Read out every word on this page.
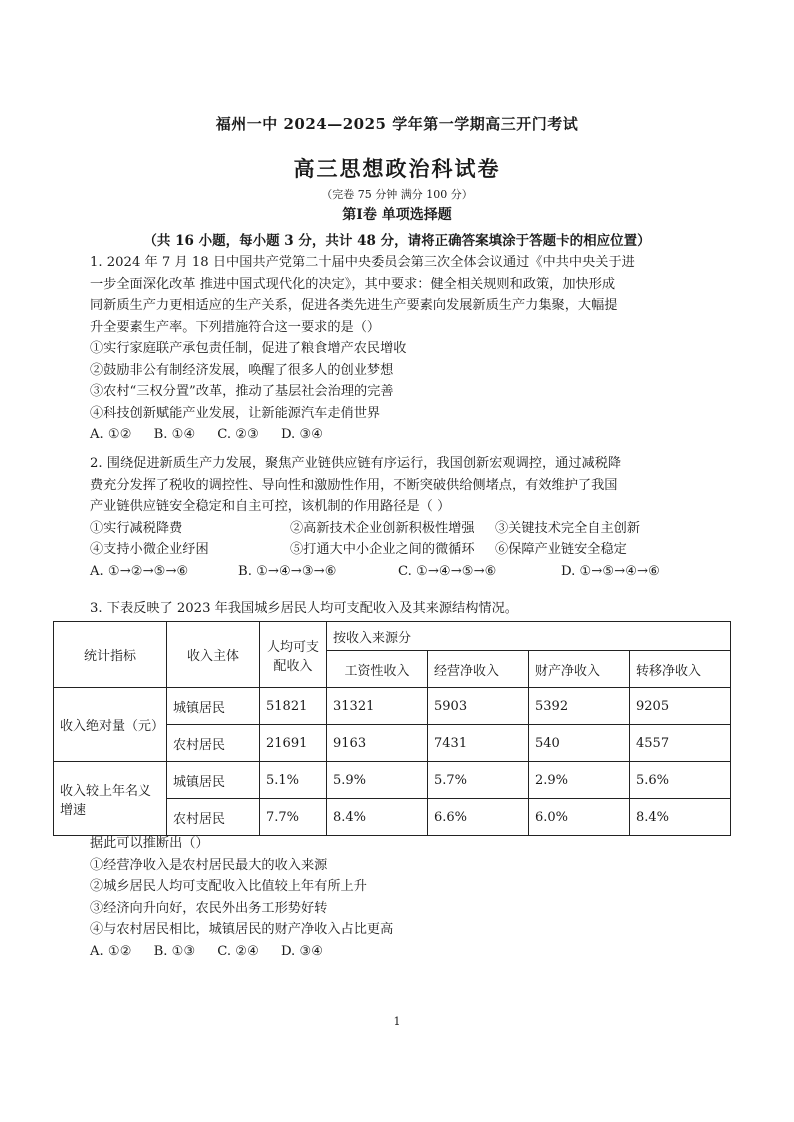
福州一中 2024—2025 学年第一学期高三开门考试
高三思想政治科试卷
（完卷 75 分钟 满分 100 分）
第Ⅰ卷 单项选择题
（共 16 小题，每小题 3 分，共计 48 分，请将正确答案填涂于答题卡的相应位置）

1. 2024 年 7 月 18 日中国共产党第二十届中央委员会第三次全体会议通过《中共中央关于进

一步全面深化改革 推进中国式现代化的决定》，其中要求：健全相关规则和政策，加快形成

同新质生产力更相适应的生产关系，促进各类先进生产要素向发展新质生产力集聚，大幅提

升全要素生产率。下列措施符合这一要求的是（）

①实行家庭联产承包责任制，促进了粮食增产农民增收

②鼓励非公有制经济发展，唤醒了很多人的创业梦想

③农村“三权分置”改革，推动了基层社会治理的完善

④科技创新赋能产业发展，让新能源汽车走俏世界

A. ①② B. ①④ C. ②③ D. ③④

2. 围绕促进新质生产力发展，聚焦产业链供应链有序运行，我国创新宏观调控，通过减税降

费充分发挥了税收的调控性、导向性和激励性作用，不断突破供给侧堵点，有效维护了我国

产业链供应链安全稳定和自主可控，该机制的作用路径是（ ）

①实行减税降费	②高新技术企业创新积极性增强	③关键技术完全自主创新
④支持小微企业纾困	⑤打通大中小企业之间的微循环	⑥保障产业链安全稳定
A. ①→②→⑤→⑥	B. ①→④→③→⑥	C. ①→④→⑤→⑥	D. ①→⑤→④→⑥

3. 下表反映了 2023 年我国城乡居民人均可支配收入及其来源结构情况。

统计指标	收入主体	人均可支配收入	按收入来源分			
			工资性收入	经营净收入	财产净收入	转移净收入
收入绝对量（元）	城镇居民	51821	31321	5903	5392	9205
	农村居民	21691	9163	7431	540	4557
收入较上年名义增速	城镇居民	5.1%	5.9%	5.7%	2.9%	5.6%
	农村居民	7.7%	8.4%	6.6%	6.0%	8.4%

据此可以推断出（）

①经营净收入是农村居民最大的收入来源

②城乡居民人均可支配收入比值较上年有所上升

③经济向升向好，农民外出务工形势好转

④与农村居民相比，城镇居民的财产净收入占比更高

A. ①② B. ①③ C. ②④ D. ③④
1
